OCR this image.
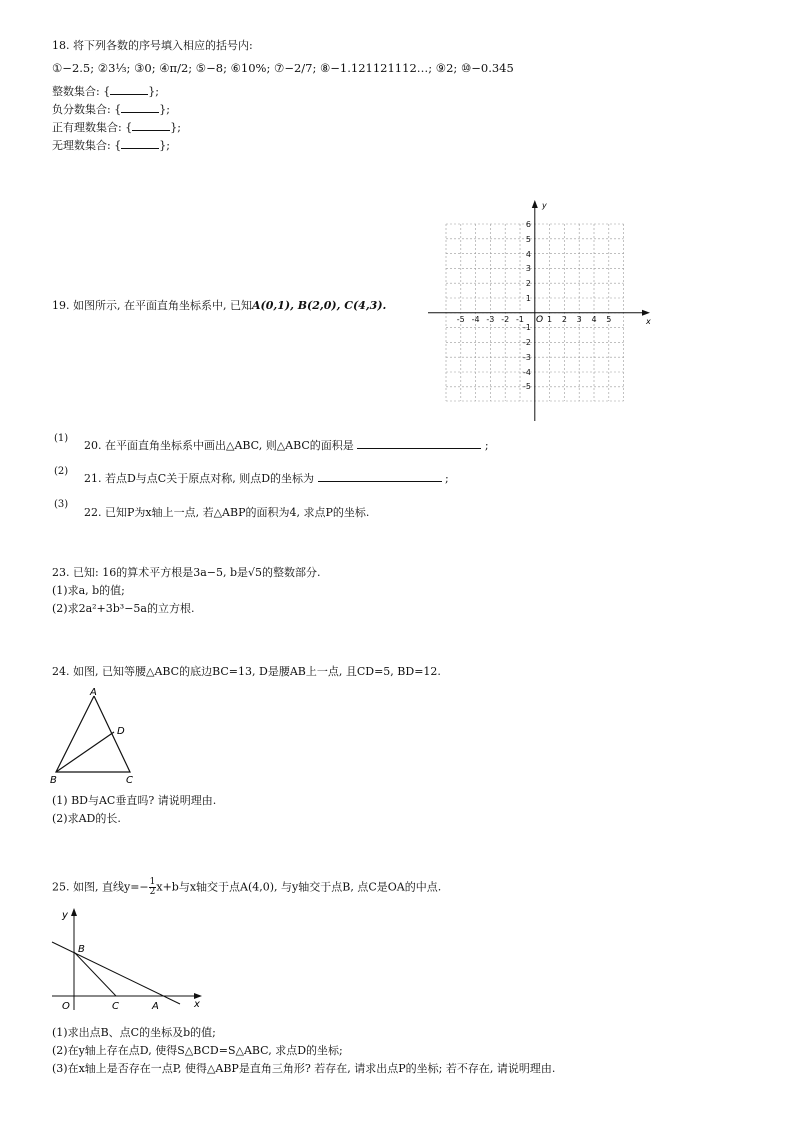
18. 将下列各数的序号填入相应的括号内:
①−2.5; ②3⅓; ③0; ④π/2; ⑤−8; ⑥10%; ⑦−2/7; ⑧−1.121121112…; ⑨2; ⑩−0.345
整数集合: {	};
负分数集合: {	};
正有理数集合: {	};
无理数集合: {	};
19. 如图所示, 在平面直角坐标系中, 已知A(0,1), B(2,0), C(4,3).
x
y
O
-5 -4 -3 -2 -1	1 2 3 4 5
6
5
4
3
2
1
-1
-2
-3
-4
-5
(1)
20. 在平面直角坐标系中画出△ABC, 则△ABC的面积是	;
(2)
21. 若点D与点C关于原点对称, 则点D的坐标为	;
(3)
22. 已知P为x轴上一点, 若△ABP的面积为4, 求点P的坐标.
23. 已知: 16的算术平方根是3a−5, b是√5的整数部分.
(1)求a, b的值;
(2)求2a²+3b³−5a的立方根.
24. 如图, 已知等腰△ABC的底边BC=13, D是腰AB上一点, 且CD=5, BD=12.
A
B	C
D
(1) BD与AC垂直吗? 请说明理由.
(2)求AD的长.
25. 如图, 直线$y=- \frac{1}{2} x+b$与x轴交于点A(4,0), 与y轴交于点B, 点C是OA的中点.
y
x
B
O	C	A
(1)求出点B、点C的坐标及b的值;
(2)在y轴上存在点D, 使得S△BCD=S△ABC, 求点D的坐标;
(3)在x轴上是否存在一点P, 使得△ABP是直角三角形? 若存在, 请求出点P的坐标; 若不存在, 请说明理由.
